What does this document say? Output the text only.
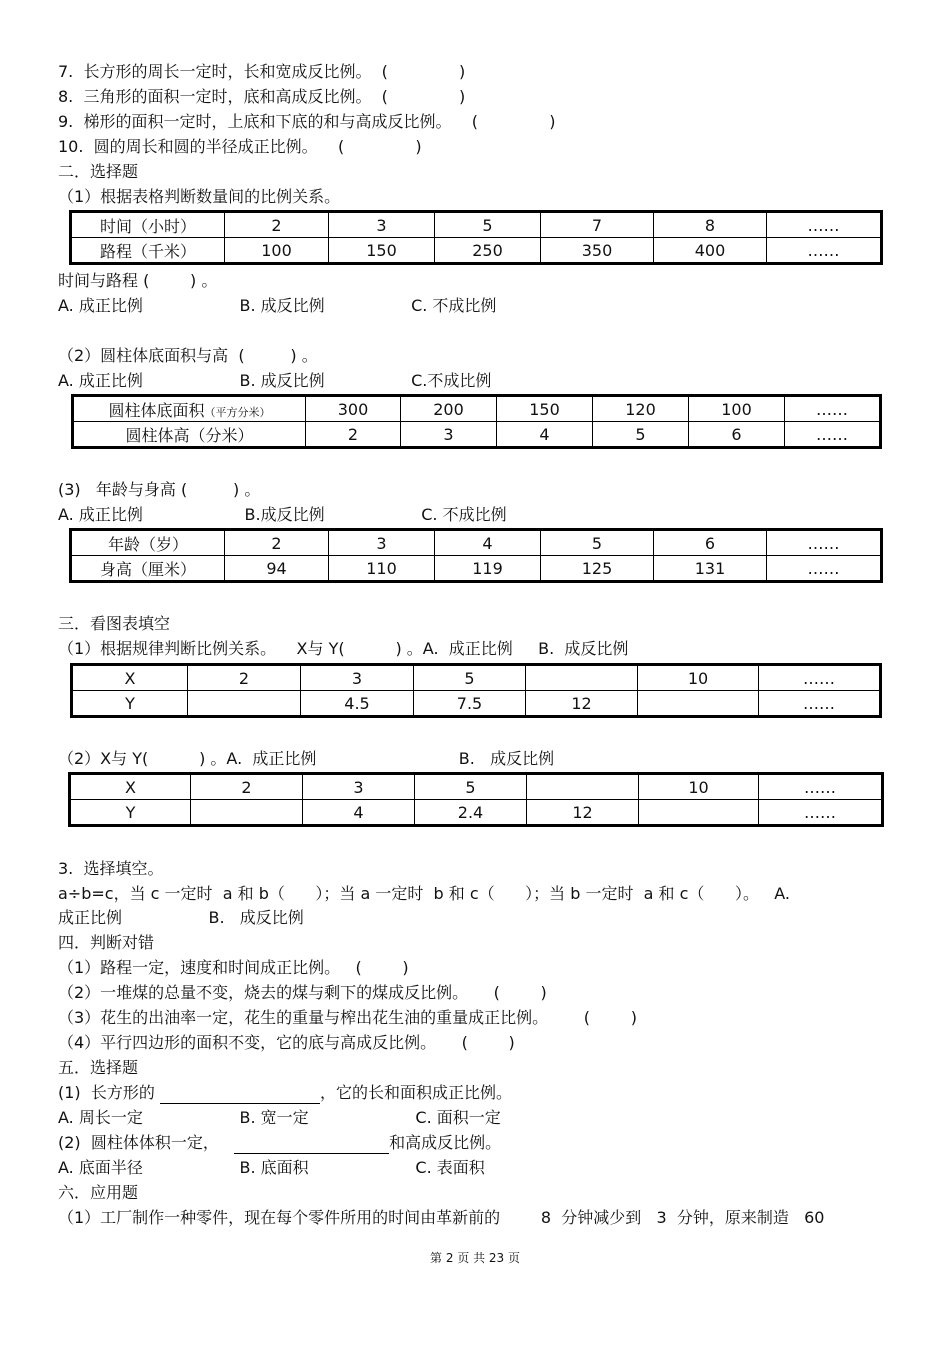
7.  长方形的周长一定时，长和宽成反比例。  (              )
8.  三角形的面积一定时，底和高成反比例。  (              )
9.  梯形的面积一定时，上底和下底的和与高成反比例。    (              )
10.  圆的周长和圆的半径成正比例。    (              )
二．选择题
（1）根据表格判断数量间的比例关系。
时间（小时）	2	3	5	7	8	……
路程（千米）	100	150	250	350	400	……
时间与路程 (        ) 。
A. 成正比例                   B. 成反比例                 C. 不成比例
（2）圆柱体底面积与高  (         ) 。
A. 成正比例                   B. 成反比例                 C.不成比例
圆柱体底面积（平方分米）	300	200	150	120	100	……
圆柱体高（分米）	2	3	4	5	6	……
(3)   年龄与身高 (         ) 。
A. 成正比例                    B.成反比例                   C. 不成比例
年龄（岁）	2	3	4	5	6	……
身高（厘米）	94	110	119	125	131	……
三．看图表填空
（1）根据规律判断比例关系。    X与 Y(          ) 。A.  成正比例     B.  成反比例
X	2	3	5		10	……
Y		4.5	7.5	12		……
（2）X与 Y(          ) 。A.  成正比例                            B.   成反比例
X	2	3	5		10	……
Y		4	2.4	12		……
3.  选择填空。
a÷b=c，当 c 一定时  a 和 b（      ）；当 a 一定时  b 和 c（      ）；当 b 一定时  a 和 c（      ）。   A.
成正比例                 B.   成反比例
四．判断对错
（1）路程一定，速度和时间成正比例。   (        )
（2）一堆煤的总量不变，烧去的煤与剩下的煤成反比例。     (        )
（3）花生的出油率一定，花生的重量与榨出花生油的重量成正比例。       (        )
（4）平行四边形的面积不变，它的底与高成反比例。     (        )
五．选择题
(1)  长方形的	，它的长和面积成正比例。
A. 周长一定                   B. 宽一定                     C. 面积一定
(2)  圆柱体体积一定，	和高成反比例。
A. 底面半径                   B. 底面积                     C. 表面积
六．应用题
（1）工厂制作一种零件，现在每个零件所用的时间由革新前的        8  分钟减少到   3  分钟，原来制造   60
第 2 页 共 23 页
